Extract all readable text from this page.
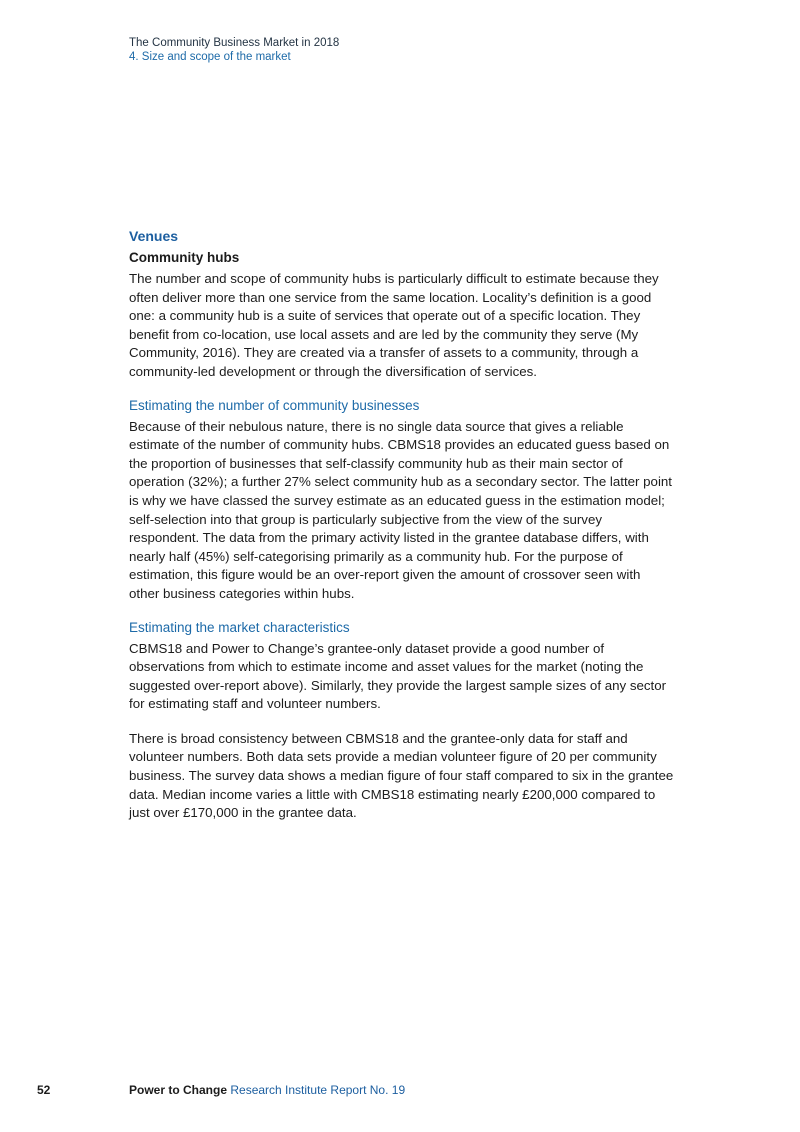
The Community Business Market in 2018
4. Size and scope of the market
Venues
Community hubs

The number and scope of community hubs is particularly difficult to estimate because they often deliver more than one service from the same location. Locality’s definition is a good one: a community hub is a suite of services that operate out of a specific location. They benefit from co-location, use local assets and are led by the community they serve (My Community, 2016). They are created via a transfer of assets to a community, through a community-led development or through the diversification of services.

Estimating the number of community businesses

Because of their nebulous nature, there is no single data source that gives a reliable estimate of the number of community hubs. CBMS18 provides an educated guess based on the proportion of businesses that self-classify community hub as their main sector of operation (32%); a further 27% select community hub as a secondary sector. The latter point is why we have classed the survey estimate as an educated guess in the estimation model; self-selection into that group is particularly subjective from the view of the survey respondent. The data from the primary activity listed in the grantee database differs, with nearly half (45%) self-categorising primarily as a community hub. For the purpose of estimation, this figure would be an over-report given the amount of crossover seen with other business categories within hubs.

Estimating the market characteristics

CBMS18 and Power to Change’s grantee-only dataset provide a good number of observations from which to estimate income and asset values for the market (noting the suggested over-report above). Similarly, they provide the largest sample sizes of any sector for estimating staff and volunteer numbers.

There is broad consistency between CBMS18 and the grantee-only data for staff and volunteer numbers. Both data sets provide a median volunteer figure of 20 per community business. The survey data shows a median figure of four staff compared to six in the grantee data. Median income varies a little with CMBS18 estimating nearly £200,000 compared to just over £170,000 in the grantee data.

52	Power to Change Research Institute Report No. 19
